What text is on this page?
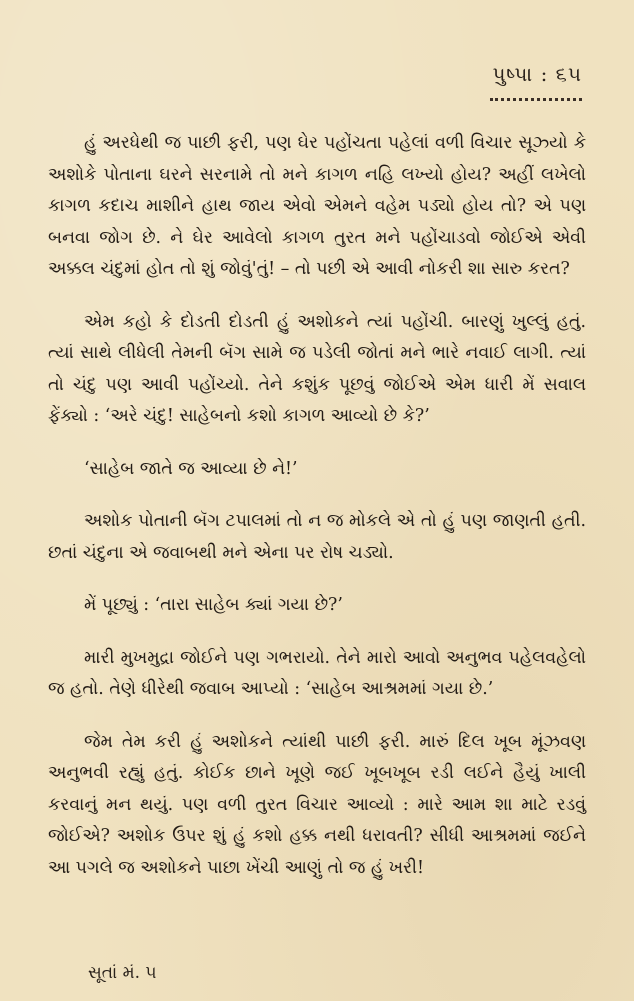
પુષ્પા : ૬૫

હું અરધેથી જ પાછી ફરી, પણ ઘેર પહોંચતા પહેલાં વળી વિચાર સૂઝ્યો કે અશોકે પોતાના ઘરને સરનામે તો મને કાગળ નહિ લખ્યો હોય? અહીં લખેલો કાગળ કદાચ માશીને હાથ જાય એવો એમને વહેમ પડ્યો હોય તો? એ પણ બનવા જોગ છે. ને ઘેર આવેલો કાગળ તુરત મને પહોંચાડવો જોઈએ એવી અક્કલ ચંદુમાં હોત તો શું જોવું'તું! – તો પછી એ આવી નોકરી શા સારુ કરત?

એમ કહો કે દોડતી દોડતી હું અશોકને ત્યાં પહોંચી. બારણું ખુલ્લું હતું. ત્યાં સાથે લીધેલી તેમની બૅગ સામે જ પડેલી જોતાં મને ભારે નવાઈ લાગી. ત્યાં તો ચંદુ પણ આવી પહોંચ્યો. તેને કશુંક પૂછવું જોઈએ એમ ધારી મેં સવાલ ફેંક્યો : ‘અરે ચંદુ! સાહેબનો કશો કાગળ આવ્યો છે કે?’

‘સાહેબ જાતે જ આવ્યા છે ને!’

અશોક પોતાની બૅગ ટપાલમાં તો ન જ મોકલે એ તો હું પણ જાણતી હતી. છતાં ચંદુના એ જવાબથી મને એના પર રોષ ચડ્યો.

મેં પૂછ્યું : ‘તારા સાહેબ ક્યાં ગયા છે?’

મારી મુખમુદ્રા જોઈને પણ ગભરાયો. તેને મારો આવો અનુભવ પહેલવહેલો જ હતો. તેણે ધીરેથી જવાબ આપ્યો : ‘સાહેબ આશ્રમમાં ગયા છે.’

જેમ તેમ કરી હું અશોકને ત્યાંથી પાછી ફરી. મારું દિલ ખૂબ મૂંઝવણ અનુભવી રહ્યું હતું. કોઈક છાને ખૂણે જઈ ખૂબખૂબ રડી લઈને હૈયું ખાલી કરવાનું મન થયું. પણ વળી તુરત વિચાર આવ્યો : મારે આમ શા માટે રડવું જોઈએ? અશોક ઉપર શું હું કશો હક્ક નથી ધરાવતી? સીધી આશ્રમમાં જઈને આ પગલે જ અશોકને પાછા ખેંચી આણું તો જ હું ખરી!

સૂતાં મં. ૫
